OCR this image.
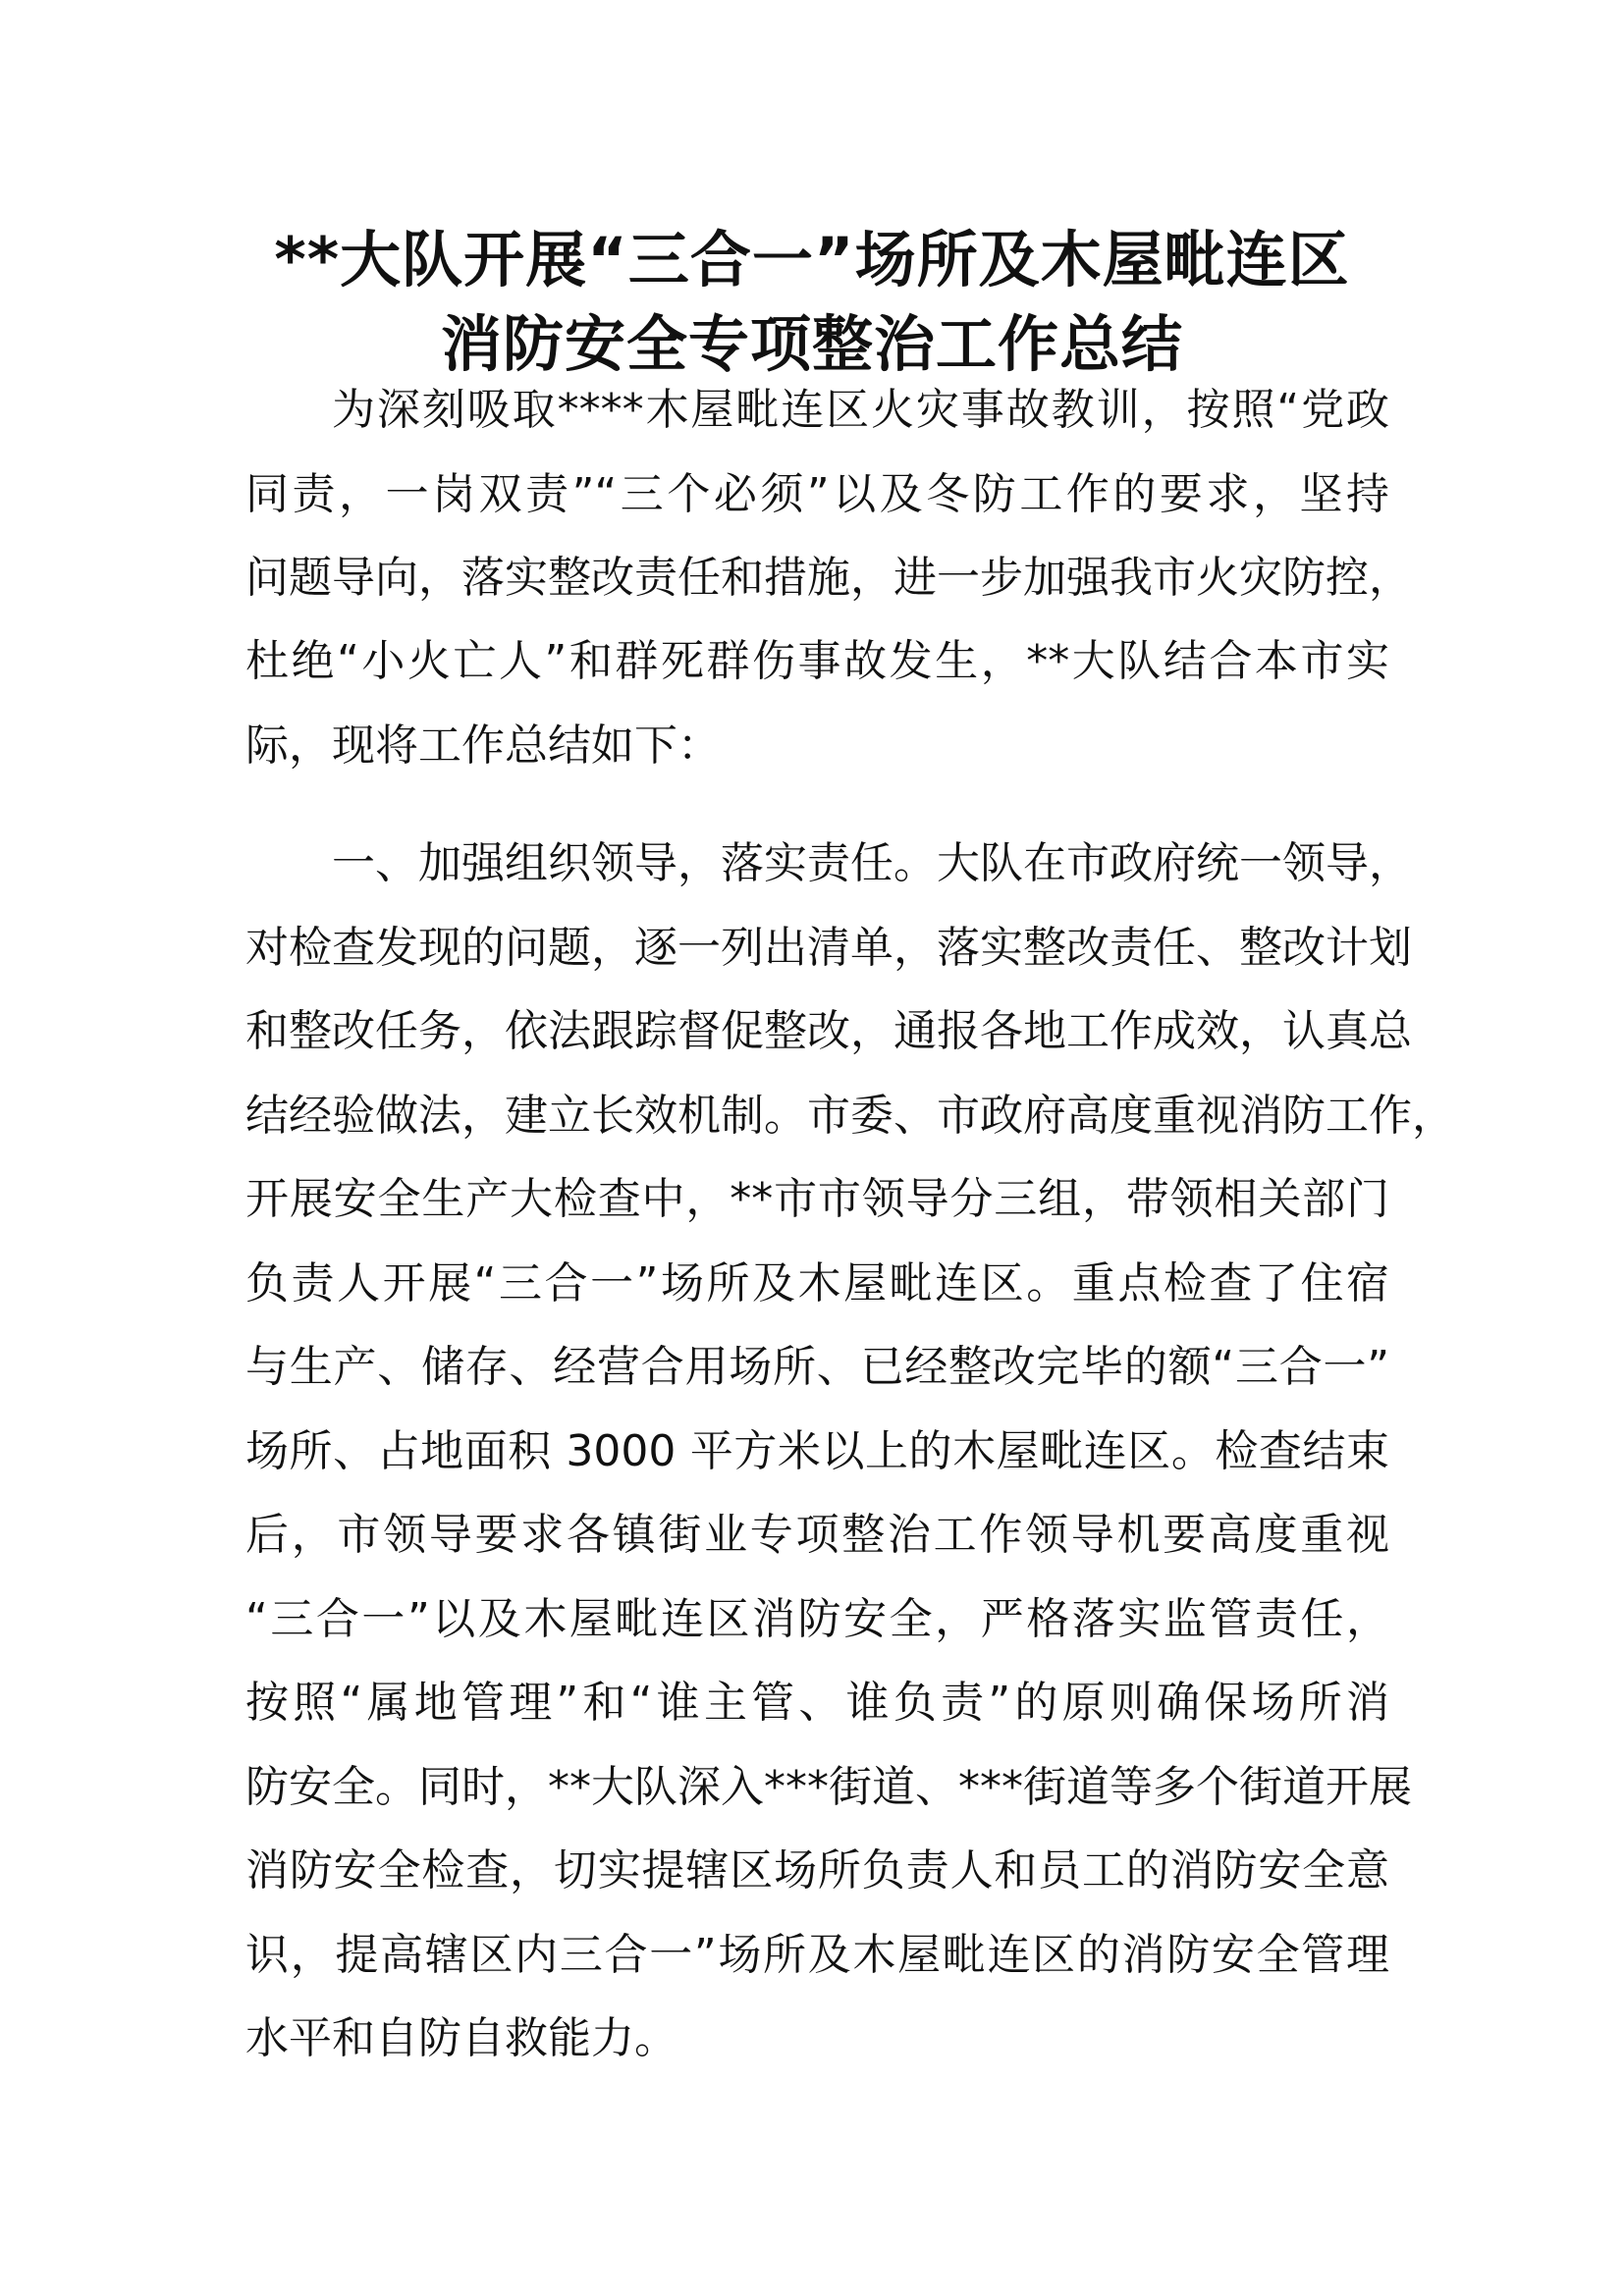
**大队开展“三合一”场所及木屋毗连区
消防安全专项整治工作总结
为深刻吸取****木屋毗连区火灾事故教训，按照“党政
同责，一岗双责”“三个必须”以及冬防工作的要求，坚持
问题导向，落实整改责任和措施，进一步加强我市火灾防控，
杜绝“小火亡人”和群死群伤事故发生，**大队结合本市实
际，现将工作总结如下：
一、加强组织领导，落实责任。大队在市政府统一领导，
对检查发现的问题，逐一列出清单，落实整改责任、整改计划
和整改任务，依法跟踪督促整改，通报各地工作成效，认真总
结经验做法，建立长效机制。市委、市政府高度重视消防工作，
开展安全生产大检查中，**市市领导分三组，带领相关部门
负责人开展“三合一”场所及木屋毗连区。重点检查了住宿
与生产、储存、经营合用场所、已经整改完毕的额“三合一”
场所、占地面积 3000 平方米以上的木屋毗连区。检查结束
后，市领导要求各镇街业专项整治工作领导机要高度重视
“三合一”以及木屋毗连区消防安全，严格落实监管责任，
按照“属地管理”和“谁主管、谁负责”的原则确保场所消
防安全。同时，**大队深入***街道、***街道等多个街道开展
消防安全检查，切实提辖区场所负责人和员工的消防安全意
识，提高辖区内三合一”场所及木屋毗连区的消防安全管理
水平和自防自救能力。
